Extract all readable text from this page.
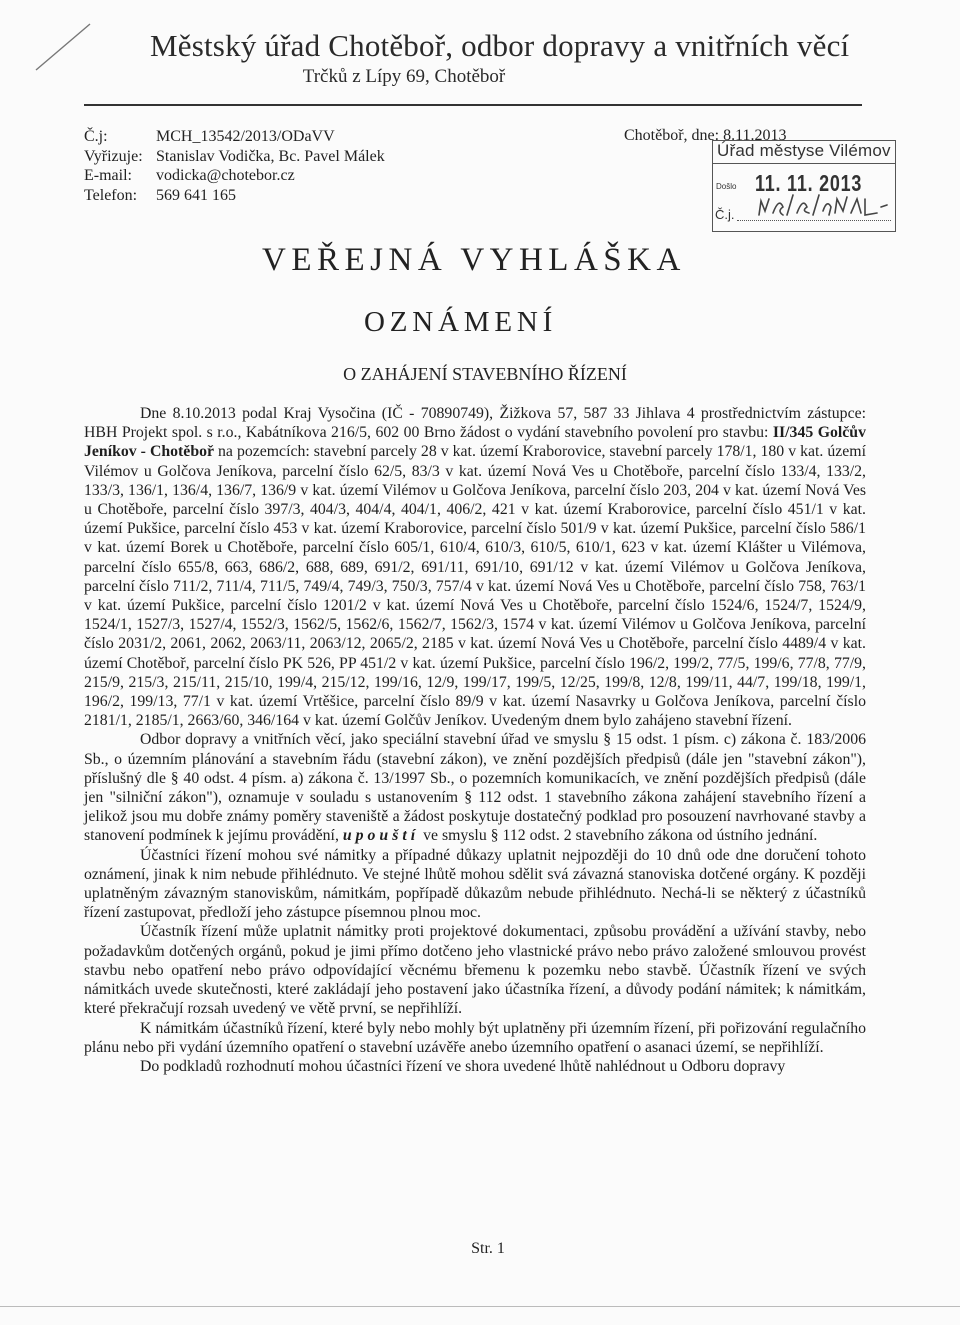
Městský úřad Chotěboř, odbor dopravy a vnitřních věcí
Trčků z Lípy 69, Chotěboř
Č.j:
Vyřizuje:
E-mail:
Telefon:
MCH_13542/2013/ODaVV
Stanislav Vodička, Bc. Pavel Málek
vodicka@chotebor.cz
569 641 165
Chotěboř, dne: 8.11.2013
Úřad městyse Vilémov
Došlo 11. 11. 2013
Č.j.
VEŘEJNÁ VYHLÁŠKA
OZNÁMENÍ
O ZAHÁJENÍ STAVEBNÍHO ŘÍZENÍ

Dne 8.10.2013 podal Kraj Vysočina (IČ - 70890749), Žižkova 57, 587 33 Jihlava 4 prostřednictvím zástupce: HBH Projekt spol. s r.o., Kabátníkova 216/5, 602 00 Brno žádost o vydání stavebního povolení pro stavbu: II/345 Golčův Jeníkov - Chotěboř na pozemcích: stavební parcely 28 v kat. území Kraborovice, stavební parcely 178/1, 180 v kat. území Vilémov u Golčova Jeníkova, parcelní číslo 62/5, 83/3 v kat. území Nová Ves u Chotěboře, parcelní číslo 133/4, 133/2, 133/3, 136/1, 136/4, 136/7, 136/9 v kat. území Vilémov u Golčova Jeníkova, parcelní číslo 203, 204 v kat. území Nová Ves u Chotěboře, parcelní číslo 397/3, 404/3, 404/4, 404/1, 406/2, 421 v kat. území Kraborovice, parcelní číslo 451/1 v kat. území Pukšice, parcelní číslo 453 v kat. území Kraborovice, parcelní číslo 501/9 v kat. území Pukšice, parcelní číslo 586/1 v kat. území Borek u Chotěboře, parcelní číslo 605/1, 610/4, 610/3, 610/5, 610/1, 623 v kat. území Klášter u Vilémova, parcelní číslo 655/8, 663, 686/2, 688, 689, 691/2, 691/11, 691/10, 691/12 v kat. území Vilémov u Golčova Jeníkova, parcelní číslo 711/2, 711/4, 711/5, 749/4, 749/3, 750/3, 757/4 v kat. území Nová Ves u Chotěboře, parcelní číslo 758, 763/1 v kat. území Pukšice, parcelní číslo 1201/2 v kat. území Nová Ves u Chotěboře, parcelní číslo 1524/6, 1524/7, 1524/9, 1524/1, 1527/3, 1527/4, 1552/3, 1562/5, 1562/6, 1562/7, 1562/3, 1574 v kat. území Vilémov u Golčova Jeníkova, parcelní číslo 2031/2, 2061, 2062, 2063/11, 2063/12, 2065/2, 2185 v kat. území Nová Ves u Chotěboře, parcelní číslo 4489/4 v kat. území Chotěboř, parcelní číslo PK 526, PP 451/2 v kat. území Pukšice, parcelní číslo 196/2, 199/2, 77/5, 199/6, 77/8, 77/9, 215/9, 215/3, 215/11, 215/10, 199/4, 215/12, 199/16, 12/9, 199/17, 199/5, 12/25, 199/8, 12/8, 199/11, 44/7, 199/18, 199/1, 196/2, 199/13, 77/1 v kat. území Vrtěšice, parcelní číslo 89/9 v kat. území Nasavrky u Golčova Jeníkova, parcelní číslo 2181/1, 2185/1, 2663/60, 346/164 v kat. území Golčův Jeníkov. Uvedeným dnem bylo zahájeno stavební řízení.

Odbor dopravy a vnitřních věcí, jako speciální stavební úřad ve smyslu § 15 odst. 1 písm. c) zákona č. 183/2006 Sb., o územním plánování a stavebním řádu (stavební zákon), ve znění pozdějších předpisů (dále jen "stavební zákon"), příslušný dle § 40 odst. 4 písm. a) zákona č. 13/1997 Sb., o pozemních komunikacích, ve znění pozdějších předpisů (dále jen "silniční zákon"), oznamuje v souladu s ustanovením § 112 odst. 1 stavebního zákona zahájení stavebního řízení a jelikož jsou mu dobře známy poměry staveniště a žádost poskytuje dostatečný podklad pro posouzení navrhované stavby a stanovení podmínek k jejímu provádění, upouští ve smyslu § 112 odst. 2 stavebního zákona od ústního jednání.

Účastníci řízení mohou své námitky a případné důkazy uplatnit nejpozději do 10 dnů ode dne doručení tohoto oznámení, jinak k nim nebude přihlédnuto. Ve stejné lhůtě mohou sdělit svá závazná stanoviska dotčené orgány. K později uplatněným závazným stanoviskům, námitkám, popřípadě důkazům nebude přihlédnuto. Nechá-li se některý z účastníků řízení zastupovat, předloží jeho zástupce písemnou plnou moc.

Účastník řízení může uplatnit námitky proti projektové dokumentaci, způsobu provádění a užívání stavby, nebo požadavkům dotčených orgánů, pokud je jimi přímo dotčeno jeho vlastnické právo nebo právo založené smlouvou provést stavbu nebo opatření nebo právo odpovídající věcnému břemenu k pozemku nebo stavbě. Účastník řízení ve svých námitkách uvede skutečnosti, které zakládají jeho postavení jako účastníka řízení, a důvody podání námitek; k námitkám, které překračují rozsah uvedený ve větě první, se nepřihlíží.

K námitkám účastníků řízení, které byly nebo mohly být uplatněny při územním řízení, při pořizování regulačního plánu nebo při vydání územního opatření o stavební uzávěře anebo územního opatření o asanaci území, se nepřihlíží.

Do podkladů rozhodnutí mohou účastníci řízení ve shora uvedené lhůtě nahlédnout u Odboru dopravy

Str. 1
